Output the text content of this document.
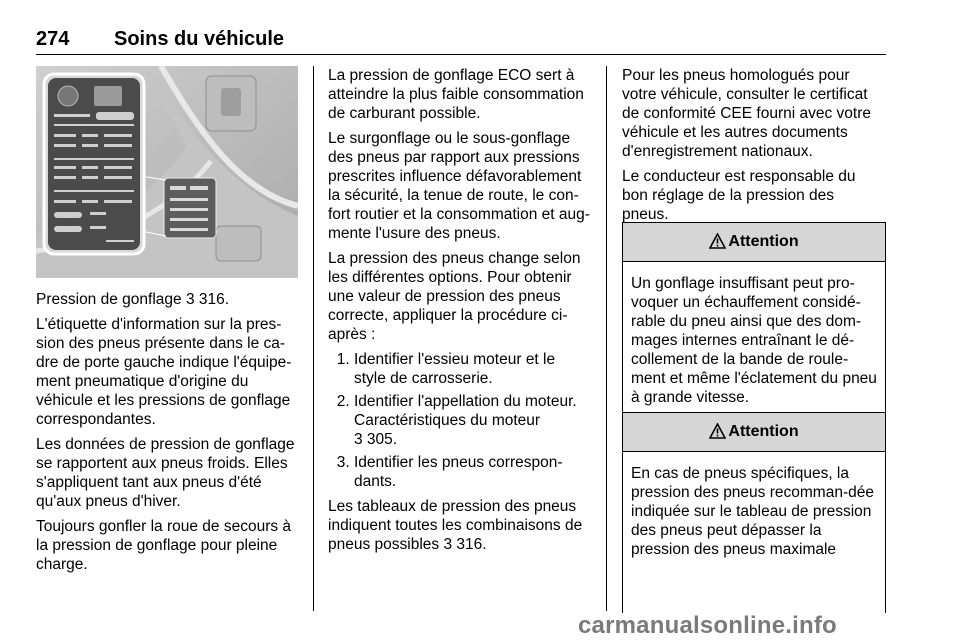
274 Soins du véhicule

Pression de gonflage 3 316.

L'étiquette d'information sur la pres-sion des pneus présente dans le ca-dre de porte gauche indique l'équipe-ment pneumatique d'origine du véhicule et les pressions de gonflage correspondantes.

Les données de pression de gonflage se rapportent aux pneus froids. Elles s'appliquent tant aux pneus d'été qu'aux pneus d'hiver.

Toujours gonfler la roue de secours à la pression de gonflage pour pleine charge.

La pression de gonflage ECO sert à atteindre la plus faible consommation de carburant possible.

Le surgonflage ou le sous-gonflage des pneus par rapport aux pressions prescrites influence défavorablement la sécurité, la tenue de route, le con-fort routier et la consommation et aug-mente l'usure des pneus.

La pression des pneus change selon les différentes options. Pour obtenir une valeur de pression des pneus correcte, appliquer la procédure ci-après :

1. Identifier l'essieu moteur et le style de carrosserie.
2. Identifier l'appellation du moteur. Caractéristiques du moteur
3 305.
3. Identifier les pneus correspon-dants.

Les tableaux de pression des pneus indiquent toutes les combinaisons de pneus possibles 3 316.

Pour les pneus homologués pour votre véhicule, consulter le certificat de conformité CEE fourni avec votre véhicule et les autres documents d'enregistrement nationaux.

Le conducteur est responsable du bon réglage de la pression des pneus.

Attention
Un gonflage insuffisant peut pro-voquer un échauffement considé-rable du pneu ainsi que des dom-mages internes entraînant le dé-collement de la bande de roule-ment et même l'éclatement du pneu à grande vitesse.
Attention
En cas de pneus spécifiques, la pression des pneus recomman-dée indiquée sur le tableau de pression des pneus peut dépasser la pression des pneus maximale
carmanualsonline.info
